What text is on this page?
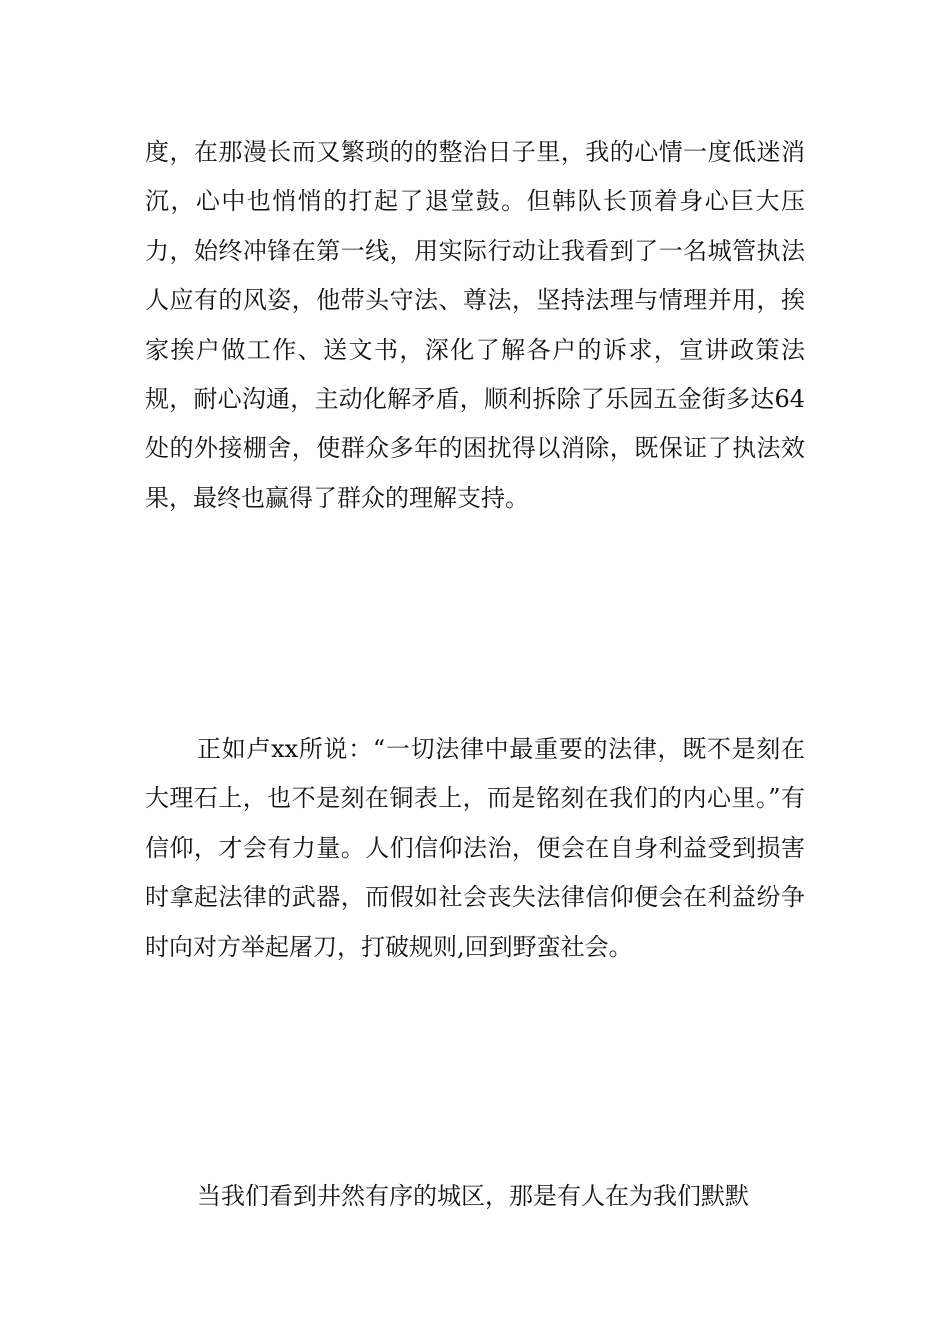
度，在那漫长而又繁琐的的整治日子里，我的心情一度低迷消沉，心中也悄悄的打起了退堂鼓。但韩队长顶着身心巨大压力，始终冲锋在第一线，用实际行动让我看到了一名城管执法人应有的风姿，他带头守法、尊法，坚持法理与情理并用，挨家挨户做工作、送文书，深化了解各户的诉求，宣讲政策法规，耐心沟通，主动化解矛盾，顺利拆除了乐园五金街多达64处的外接棚舍，使群众多年的困扰得以消除，既保证了执法效果，最终也赢得了群众的理解支持。

正如卢xx所说：“一切法律中最重要的法律，既不是刻在大理石上，也不是刻在铜表上，而是铭刻在我们的内心里。”有信仰，才会有力量。人们信仰法治，便会在自身利益受到损害时拿起法律的武器，而假如社会丧失法律信仰便会在利益纷争时向对方举起屠刀，打破规则,回到野蛮社会。

当我们看到井然有序的城区，那是有人在为我们默默
